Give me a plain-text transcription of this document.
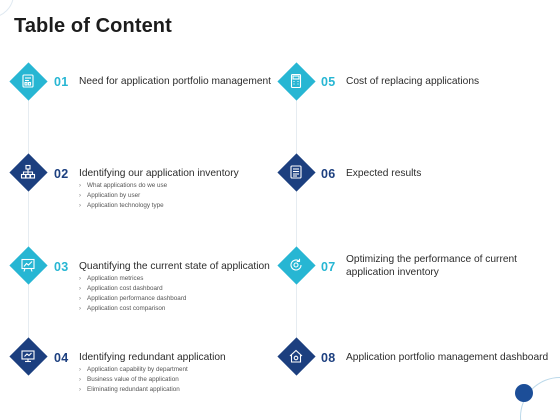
Table of Content
01 Need for application portfolio management
02 Identifying our application inventory
› What applications do we use
› Application by user
› Application technology type
03 Quantifying the current state of application
› Application metrices
› Application cost dashboard
› Application performance dashboard
› Application cost comparison
04 Identifying redundant application
› Application capability by department
› Business value of the application
› Eliminating redundant application
05 Cost of replacing applications
06 Expected results
07
Optimizing the performance of current application inventory
08 Application portfolio management dashboard
